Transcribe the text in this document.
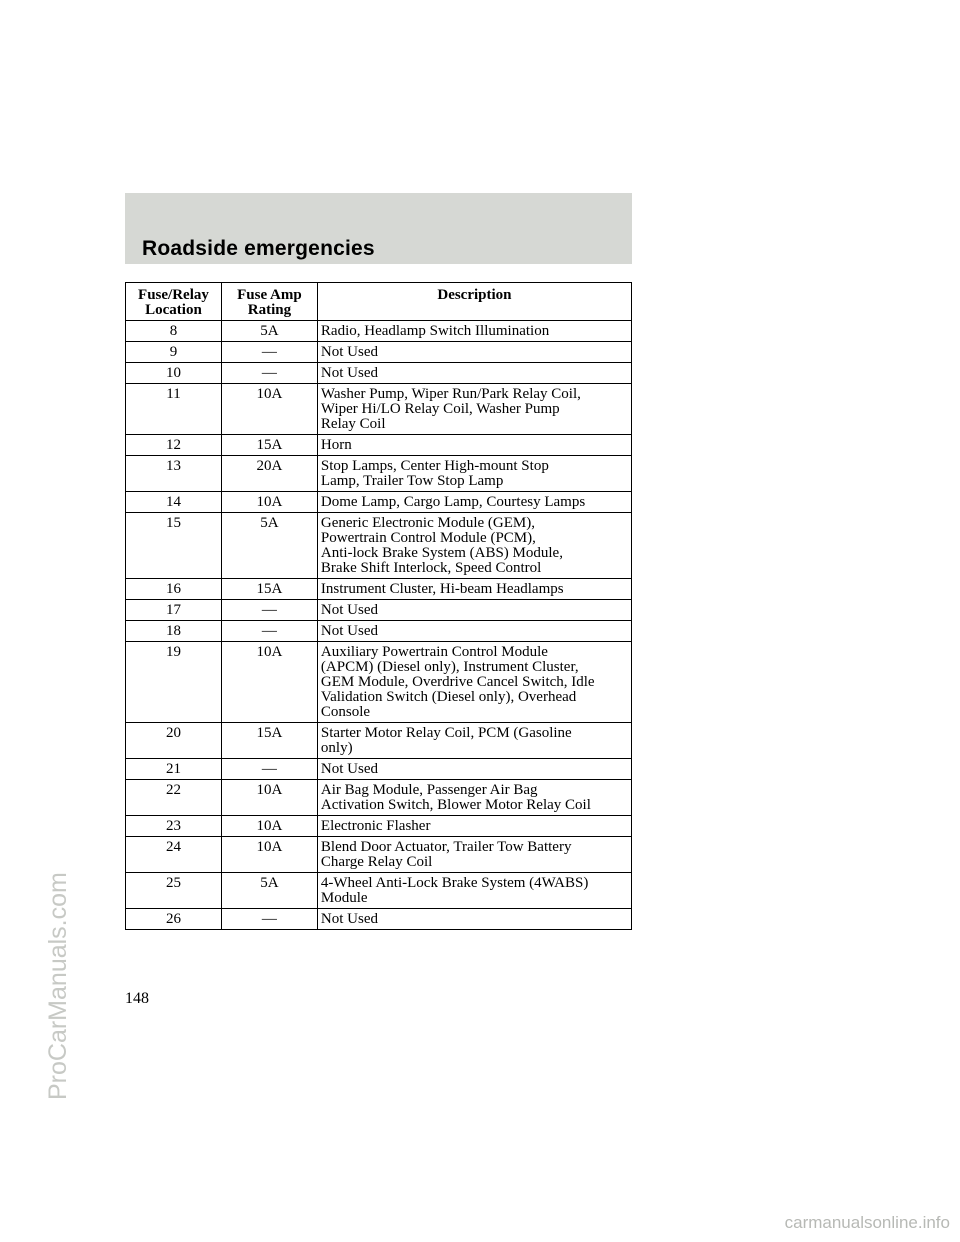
Roadside emergencies
Fuse/Relay Location	Fuse Amp Rating	Description
8	5A	Radio, Headlamp Switch Illumination

9	—	Not Used

10	—	Not Used

11	10A	Washer Pump, Wiper Run/Park Relay Coil,
Wiper Hi/LO Relay Coil, Washer Pump
Relay Coil

12	15A	Horn

13	20A	Stop Lamps, Center High-mount Stop
Lamp, Trailer Tow Stop Lamp

14	10A	Dome Lamp, Cargo Lamp, Courtesy Lamps

15	5A	Generic Electronic Module (GEM),
Powertrain Control Module (PCM),
Anti-lock Brake System (ABS) Module,
Brake Shift Interlock, Speed Control

16	15A	Instrument Cluster, Hi-beam Headlamps

17	—	Not Used

18	—	Not Used

19	10A	Auxiliary Powertrain Control Module
(APCM) (Diesel only), Instrument Cluster,
GEM Module, Overdrive Cancel Switch, Idle
Validation Switch (Diesel only), Overhead
Console

20	15A	Starter Motor Relay Coil, PCM (Gasoline
only)

21	—	Not Used

22	10A	Air Bag Module, Passenger Air Bag
Activation Switch, Blower Motor Relay Coil

23	10A	Electronic Flasher

24	10A	Blend Door Actuator, Trailer Tow Battery
Charge Relay Coil

25	5A	4-Wheel Anti-Lock Brake System (4WABS)
Module

26	—	Not Used
148
ProCarManuals.com
carmanualsonline.info
